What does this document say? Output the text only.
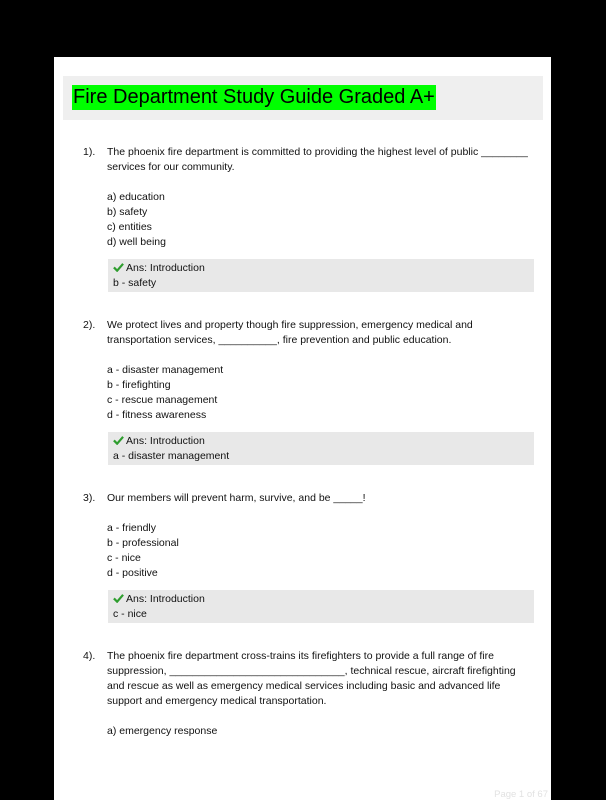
Fire Department Study Guide Graded A+
1). The phoenix fire department is committed to providing the highest level of public ________ services for our community.
a) education
b) safety
c) entities
d) well being
Ans: Introduction
b - safety
2). We protect lives and property though fire suppression, emergency medical and transportation services, __________, fire prevention and public education.
a - disaster management
b - firefighting
c - rescue management
d - fitness awareness
Ans: Introduction
a - disaster management
3). Our members will prevent harm, survive, and be _____!
a - friendly
b - professional
c - nice
d - positive
Ans: Introduction
c - nice
4). The phoenix fire department cross-trains its firefighters to provide a full range of fire suppression, ______________________________, technical rescue, aircraft firefighting and rescue as well as emergency medical services including basic and advanced life support and emergency medical transportation.
a) emergency response
Page 1 of 67
